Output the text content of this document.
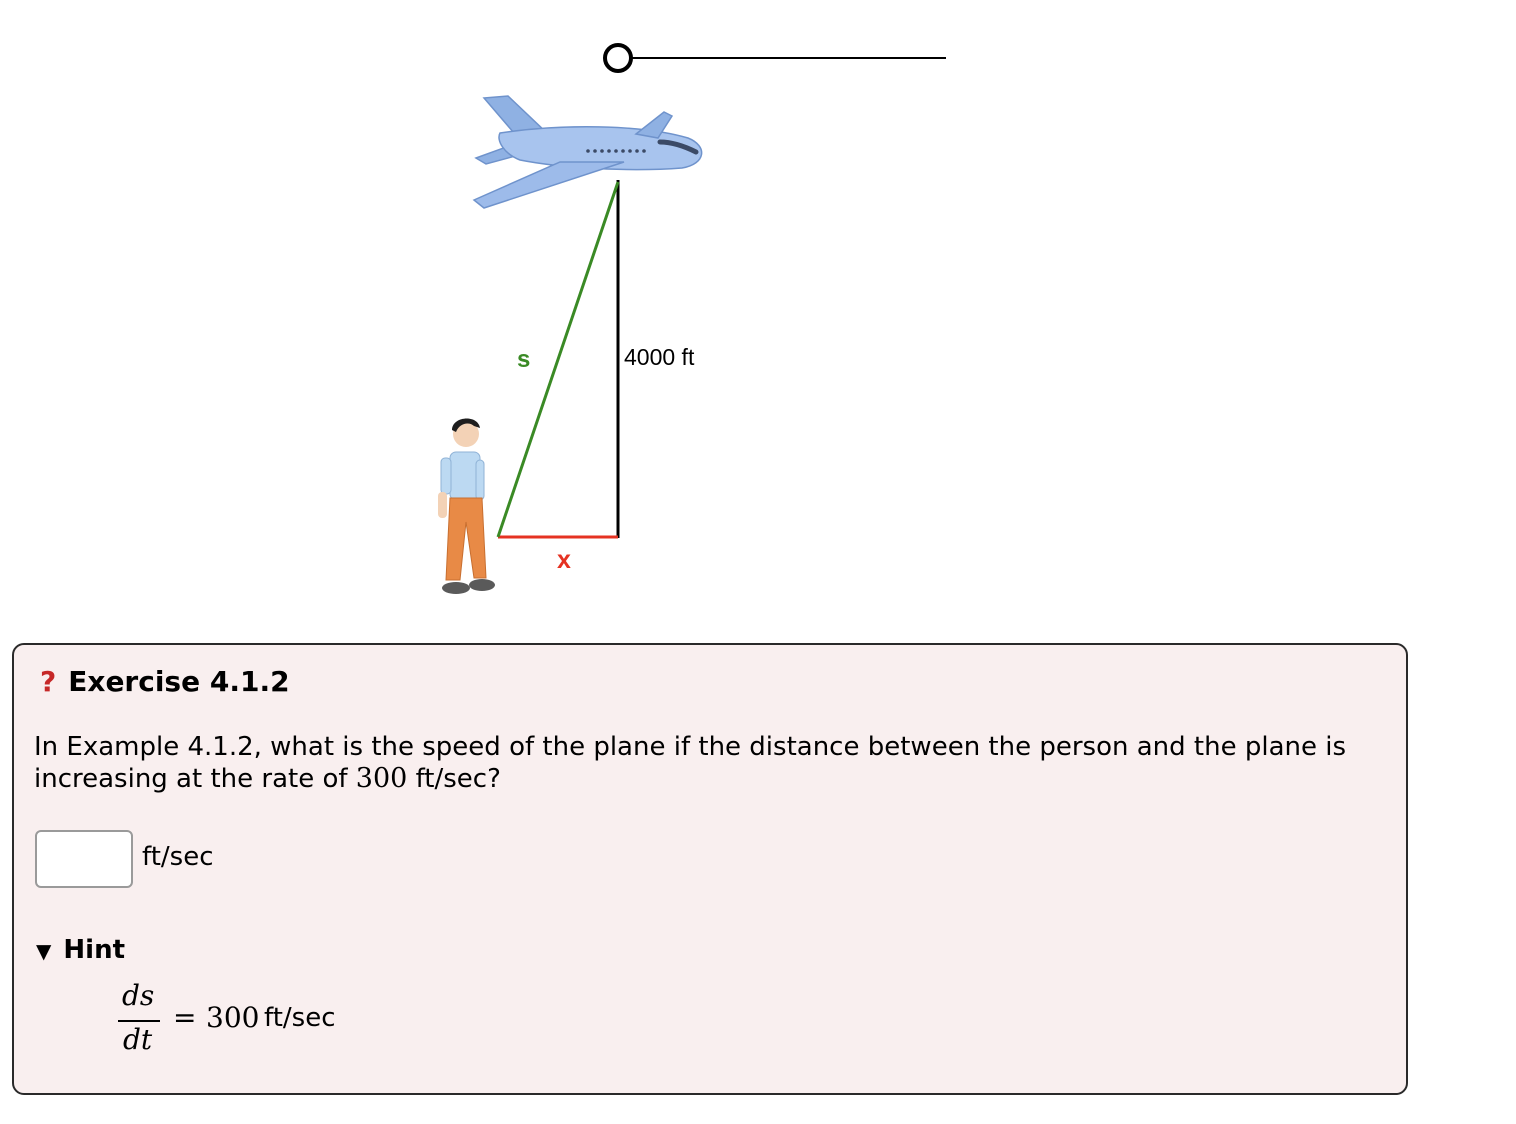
s	4000 ft
x
? Exercise 4.1.2
In Example 4.1.2, what is the speed of the plane if the distance between the person and the plane is increasing at the rate of 300 ft/sec?
ft/sec
▼ Hint
ds
dt
= 300 ft/sec
